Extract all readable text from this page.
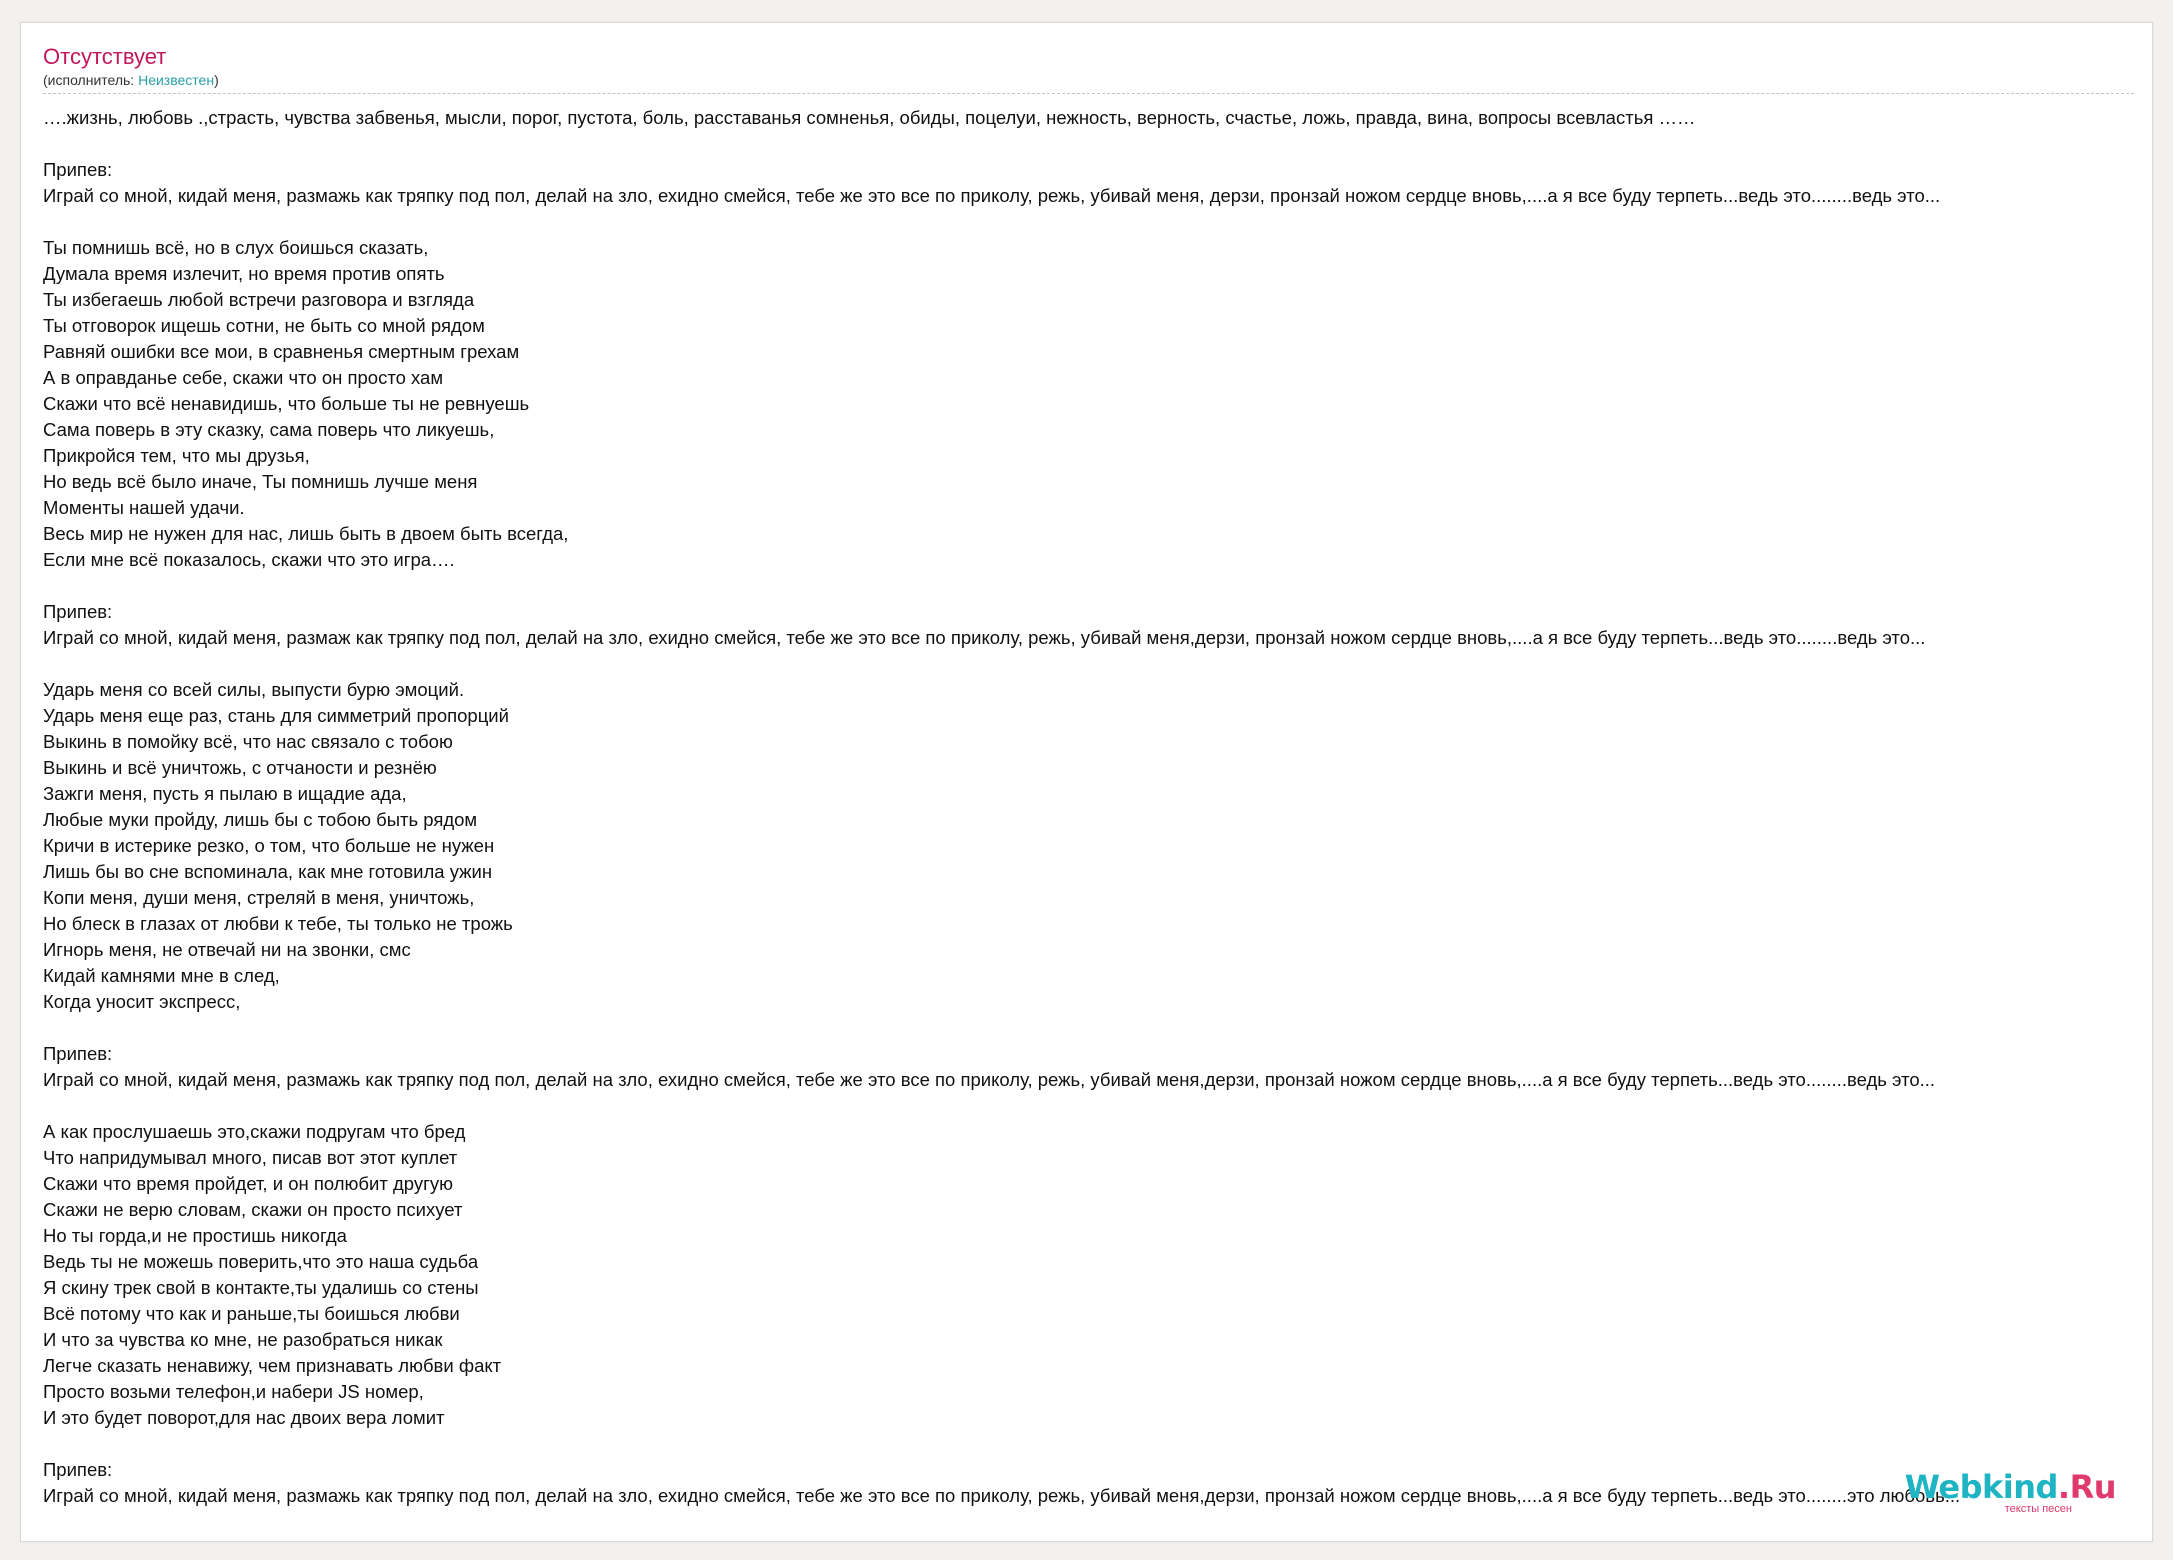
Отсутствует
(исполнитель: Неизвестен)
….жизнь, любовь .,страсть, чувства забвенья, мысли, порог, пустота, боль, расставанья сомненья, обиды, поцелуи, нежность, верность, счастье, ложь, правда, вина, вопросы всевластья ……
Припев:
Играй со мной, кидай меня, размажь как тряпку под пол, делай на зло, ехидно смейся, тебе же это все по приколу, режь, убивай меня, дерзи, пронзай ножом сердце вновь,....а я все буду терпеть...ведь это........ведь это...
Ты помнишь всё, но в слух боишься сказать,
Думала время излечит, но время против опять
Ты избегаешь любой встречи разговора и взгляда
Ты отговорок ищешь сотни, не быть со мной рядом
Равняй ошибки все мои, в сравненья смертным грехам
А в оправданье себе, скажи что он просто хам
Скажи что всё ненавидишь, что больше ты не ревнуешь
Сама поверь в эту сказку, сама поверь что ликуешь,
Прикройся тем, что мы друзья,
Но ведь всё было иначе, Ты помнишь лучше меня
Моменты нашей удачи.
Весь мир не нужен для нас, лишь быть в двоем быть всегда,
Если мне всё показалось, скажи что это игра….
Припев:
Играй со мной, кидай меня, размаж как тряпку под пол, делай на зло, ехидно смейся, тебе же это все по приколу, режь, убивай меня,дерзи, пронзай ножом сердце вновь,....а я все буду терпеть...ведь это........ведь это...
Ударь меня со всей силы, выпусти бурю эмоций.
Ударь меня еще раз, стань для симметрий пропорций
Выкинь в помойку всё, что нас связало с тобою
Выкинь и всё уничтожь, с отчаности и резнёю
Зажги меня, пусть я пылаю в ищадие ада,
Любые муки пройду, лишь бы с тобою быть рядом
Кричи в истерике резко, о том, что больше не нужен
Лишь бы во сне вспоминала, как мне готовила ужин
Копи меня, души меня, стреляй в меня, уничтожь,
Но блеск в глазах от любви к тебе, ты только не трожь
Игнорь меня, не отвечай ни на звонки, смс
Кидай камнями мне в след,
Когда уносит экспресс,
Припев:
Играй со мной, кидай меня, размажь как тряпку под пол, делай на зло, ехидно смейся, тебе же это все по приколу, режь, убивай меня,дерзи, пронзай ножом сердце вновь,....а я все буду терпеть...ведь это........ведь это...
А как прослушаешь это,скажи подругам что бред
Что напридумывал много, писав вот этот куплет
Скажи что время пройдет, и он полюбит другую
Скажи не верю словам, скажи он просто психует
Но ты горда,и не простишь никогда
Ведь ты не можешь поверить,что это наша судьба
Я скину трек свой в контакте,ты удалишь со стены
Всё потому что как и раньше,ты боишься любви
И что за чувства ко мне, не разобраться никак
Легче сказать ненавижу, чем признавать любви факт
Просто возьми телефон,и набери JS номер,
И это будет поворот,для нас двоих вера ломит
Припев:
Играй со мной, кидай меня, размажь как тряпку под пол, делай на зло, ехидно смейся, тебе же это все по приколу, режь, убивай меня,дерзи, пронзай ножом сердце вновь,....а я все буду терпеть...ведь это........это любовь...
Webkind.Ru
тексты песен
